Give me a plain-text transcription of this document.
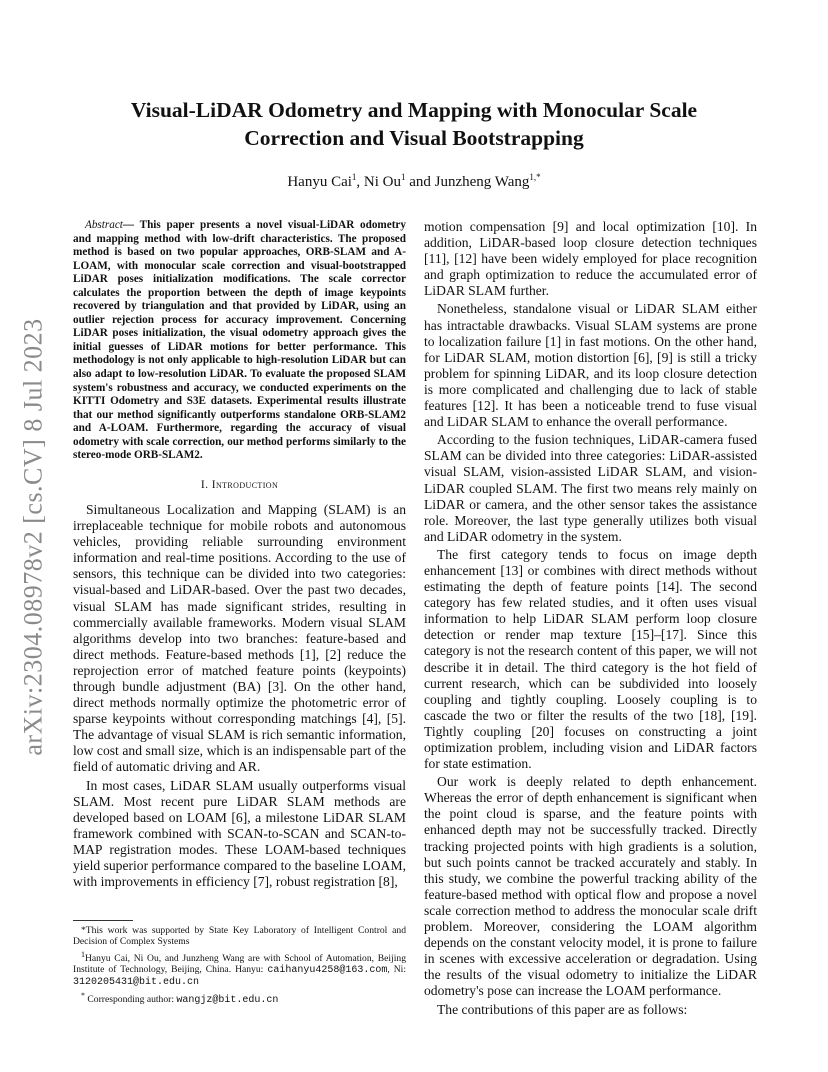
arXiv:2304.08978v2 [cs.CV] 8 Jul 2023
Visual-LiDAR Odometry and Mapping with Monocular Scale
Correction and Visual Bootstrapping

Hanyu Cai$^1$, Ni Ou$^1$ and Junzheng Wang$^{1,*}$

Abstract— This paper presents a novel visual-LiDAR odometry and mapping method with low-drift characteristics. The proposed method is based on two popular approaches, ORB-SLAM and A-LOAM, with monocular scale correction and visual-bootstrapped LiDAR poses initialization modifications. The scale corrector calculates the proportion between the depth of image keypoints recovered by triangulation and that provided by LiDAR, using an outlier rejection process for accuracy improvement. Concerning LiDAR poses initialization, the visual odometry approach gives the initial guesses of LiDAR motions for better performance. This methodology is not only applicable to high-resolution LiDAR but can also adapt to low-resolution LiDAR. To evaluate the proposed SLAM system's robustness and accuracy, we conducted experiments on the KITTI Odometry and S3E datasets. Experimental results illustrate that our method significantly outperforms standalone ORB-SLAM2 and A-LOAM. Furthermore, regarding the accuracy of visual odometry with scale correction, our method performs similarly to the stereo-mode ORB-SLAM2.

I. Introduction

Simultaneous Localization and Mapping (SLAM) is an irreplaceable technique for mobile robots and autonomous vehicles, providing reliable surrounding environment information and real-time positions. According to the use of sensors, this technique can be divided into two categories: visual-based and LiDAR-based. Over the past two decades, visual SLAM has made significant strides, resulting in commercially available frameworks. Modern visual SLAM algorithms develop into two branches: feature-based and direct methods. Feature-based methods [1], [2] reduce the reprojection error of matched feature points (keypoints) through bundle adjustment (BA) [3]. On the other hand, direct methods normally optimize the photometric error of sparse keypoints without corresponding matchings [4], [5]. The advantage of visual SLAM is rich semantic information, low cost and small size, which is an indispensable part of the field of automatic driving and AR.

In most cases, LiDAR SLAM usually outperforms visual SLAM. Most recent pure LiDAR SLAM methods are developed based on LOAM [6], a milestone LiDAR SLAM framework combined with SCAN-to-SCAN and SCAN-to-MAP registration modes. These LOAM-based techniques yield superior performance compared to the baseline LOAM, with improvements in efficiency [7], robust registration [8],

motion compensation [9] and local optimization [10]. In addition, LiDAR-based loop closure detection techniques [11], [12] have been widely employed for place recognition and graph optimization to reduce the accumulated error of LiDAR SLAM further.

Nonetheless, standalone visual or LiDAR SLAM either has intractable drawbacks. Visual SLAM systems are prone to localization failure [1] in fast motions. On the other hand, for LiDAR SLAM, motion distortion [6], [9] is still a tricky problem for spinning LiDAR, and its loop closure detection is more complicated and challenging due to lack of stable features [12]. It has been a noticeable trend to fuse visual and LiDAR SLAM to enhance the overall performance.

According to the fusion techniques, LiDAR-camera fused SLAM can be divided into three categories: LiDAR-assisted visual SLAM, vision-assisted LiDAR SLAM, and vision-LiDAR coupled SLAM. The first two means rely mainly on LiDAR or camera, and the other sensor takes the assistance role. Moreover, the last type generally utilizes both visual and LiDAR odometry in the system.

The first category tends to focus on image depth enhancement [13] or combines with direct methods without estimating the depth of feature points [14]. The second category has few related studies, and it often uses visual information to help LiDAR SLAM perform loop closure detection or render map texture [15]–[17]. Since this category is not the research content of this paper, we will not describe it in detail. The third category is the hot field of current research, which can be subdivided into loosely coupling and tightly coupling. Loosely coupling is to cascade the two or filter the results of the two [18], [19]. Tightly coupling [20] focuses on constructing a joint optimization problem, including vision and LiDAR factors for state estimation.

Our work is deeply related to depth enhancement. Whereas the error of depth enhancement is significant when the point cloud is sparse, and the feature points with enhanced depth may not be successfully tracked. Directly tracking projected points with high gradients is a solution, but such points cannot be tracked accurately and stably. In this study, we combine the powerful tracking ability of the feature-based method with optical flow and propose a novel scale correction method to address the monocular scale drift problem. Moreover, considering the LOAM algorithm depends on the constant velocity model, it is prone to failure in scenes with excessive acceleration or degradation. Using the results of the visual odometry to initialize the LiDAR odometry's pose can increase the LOAM performance.

The contributions of this paper are as follows:

*This work was supported by State Key Laboratory of Intelligent Control and Decision of Complex Systems

$^1$Hanyu Cai, Ni Ou, and Junzheng Wang are with School of Automation, Beijing Institute of Technology, Beijing, China. Hanyu: caihanyu4258@163.com, Ni: 3120205431@bit.edu.cn

* Corresponding author: wangjz@bit.edu.cn
